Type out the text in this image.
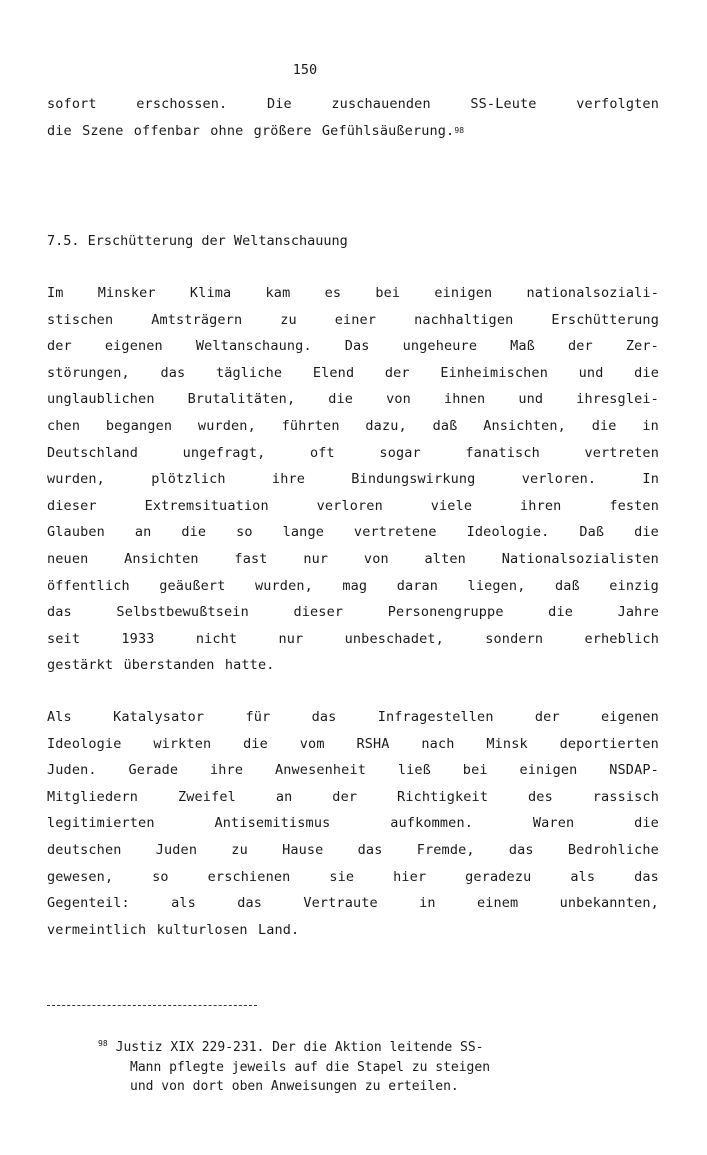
150
sofort	erschossen.	Die	zuschauenden	SS-Leute	verfolgten
die Szene offenbar ohne größere Gefühlsäußerung. 98
7.5. Erschütterung der Weltanschauung
Im	Minsker	Klima	kam	es	bei	einigen	nationalsoziali-
stischen	Amtsträgern	zu	einer	nachhaltigen	Erschütterung
der eigenen Weltanschaung. Das ungeheure Maß der Zer-
störungen, das tägliche Elend der Einheimischen und die
unglaublichen Brutalitäten, die von ihnen und ihresglei-
chen begangen wurden, führten dazu, daß Ansichten, die in
Deutschland	ungefragt,	oft	sogar	fanatisch	vertreten
wurden,	plötzlich	ihre	Bindungswirkung	verloren.	In
dieser	Extremsituation	verloren	viele	ihren	festen
Glauben an die so lange vertretene Ideologie. Daß die
neuen	Ansichten	fast	nur	von	alten	Nationalsozialisten
öffentlich geäußert wurden, mag daran liegen, daß einzig
das	Selbstbewußtsein	dieser	Personengruppe	die	Jahre
seit	1933	nicht	nur	unbeschadet,	sondern	erheblich
gestärkt überstanden hatte.
Als	Katalysator	für	das	Infragestellen	der	eigenen
Ideologie wirkten die vom RSHA nach Minsk deportierten
Juden. Gerade ihre Anwesenheit ließ bei einigen NSDAP-
Mitgliedern	Zweifel	an	der	Richtigkeit	des	rassisch
legitimierten	Antisemitismus	aufkommen.	Waren	die
deutschen	Juden	zu	Hause	das	Fremde,	das	Bedrohliche
gewesen,	so	erschienen	sie	hier	geradezu	als	das
Gegenteil:	als	das	Vertraute	in	einem	unbekannten,
vermeintlich kulturlosen Land.
$^{98}$ Justiz XIX 229-231. Der die Aktion leitende SS-
Mann pflegte jeweils auf die Stapel zu steigen
und von dort oben Anweisungen zu erteilen.
